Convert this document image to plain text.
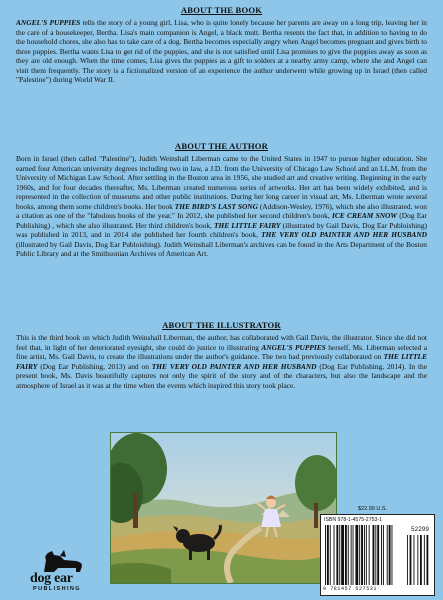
ABOUT THE BOOK

ANGEL'S PUPPIES tells the story of a young girl, Lisa, who is quite lonely because her parents are away on a long trip, leaving her in the care of a housekeeper, Bertha. Lisa's main companion is Angel, a black mutt. Bertha resents the fact that, in addition to having to do the household chores, she also has to take care of a dog. Bertha becomes especially angry when Angel becomes pregnant and gives birth to three puppies. Bertha wants Lisa to get rid of the puppies, and she is not satisfied until Lisa promises to give the puppies away as soon as they are old enough. When the time comes, Lisa gives the puppies as a gift to solders at a nearby army camp, where she and Angel can visit them frequently. The story is a fictionalized version of an experience the author underwent while growing up in Israel (then called "Palestine") during World War II.

ABOUT THE AUTHOR

Born in Israel (then called "Palestine"), Judith Weinshall Liberman came to the United States in 1947 to pursue higher education. She earned four American university degrees including two in law, a J.D. from the University of Chicago Law School and an LL.M. from the University of Michigan Law School. After settling in the Boston area in 1956, she studied art and creative writing. Beginning in the early 1960s, and for four decades thereafter, Ms. Liberman created numerous series of artworks. Her art has been widely exhibited, and is represented in the collection of museums and other public institutions. During her long career in visual art, Ms. Liberman wrote several books, among them some children's books. Her book THE BIRD'S LAST SONG (Addison-Wesley, 1976), which she also illustrated, won a citation as one of the "fabulous books of the year." In 2012, she published her second children's book, ICE CREAM SNOW (Dog Ear Publishing) , which she also illustrated. Her third children's book, THE LITTLE FAIRY (illustrated by Gail Davis, Dog Ear Publoishing) was published in 2013, and in 2014 she published her fourth children's book, THE VERY OLD PAINTER AND HER HUSBAND (illustrated by Gail Davis, Dog Ear Publoishing). Judith Weinshall Liberman's archives can be found in the Arts Department of the Boston Public Library and at the Smithsonian Archives of American Art.

ABOUT THE ILLUSTRATOR

This is the third book on which Judith Weinshall Liberman, the author, has collaborated with Gail Davis, the illustrator. Since she did not feel that, in light of her deteriorated eyesight, she could do justice to illustrating ANGEL'S PUPPIES herself, Ms. Liberman selected a fine artist, Ms. Gail Davis, to create the illustrations under the author's guidance. The two had previously collaborated on THE LITTLE FAIRY (Dog Ear Publishing, 2013) and on THE VERY OLD PAINTER AND HER HUSBAND (Dog Ear Publishing, 2014). In the present book, Ms. Davis beautifully captures not only the spirit of the story and of the characters, but also the landscape and the atmosphere of Israel as it was at the time when the events which inspired this story took place.

$22.99 U.S.
ISBN 978-1-4575-2753-1
52299
9 781457 527531
dog ear
PUBLISHING
